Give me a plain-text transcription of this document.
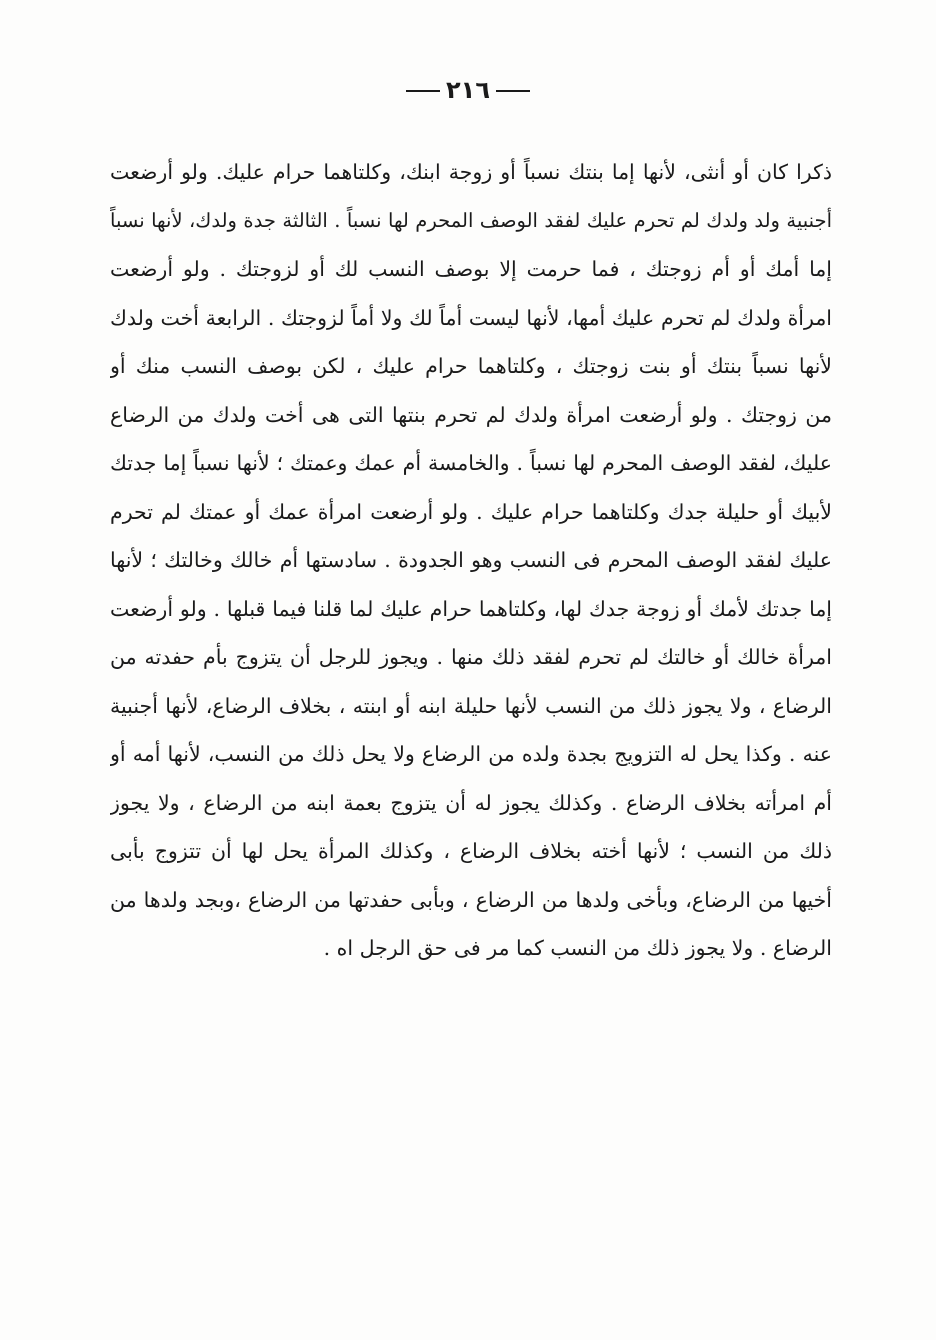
٢١٦
ذكرا كان أو أنثى، لأنها إما بنتك نسباً أو زوجة ابنك، وكلتاهما حرام عليك. ولو أرضعت
أجنبية ولد ولدك لم تحرم عليك لفقد الوصف المحرم لها نسباً . الثالثة جدة ولدك، لأنها نسباً
إما أمك أو أم زوجتك ، فما حرمت إلا بوصف النسب لك أو لزوجتك . ولو أرضعت
امرأة ولدك لم تحرم عليك أمها، لأنها ليست أماً لك ولا أماً لزوجتك . الرابعة أخت ولدك
لأنها نسباً بنتك أو بنت زوجتك ، وكلتاهما حرام عليك ، لكن بوصف النسب منك أو
من زوجتك . ولو أرضعت امرأة ولدك لم تحرم بنتها التى هى أخت ولدك من الرضاع
عليك، لفقد الوصف المحرم لها نسباً . والخامسة أم عمك وعمتك ؛ لأنها نسباً إما جدتك
لأبيك أو حليلة جدك وكلتاهما حرام عليك . ولو أرضعت امرأة عمك أو عمتك لم تحرم
عليك لفقد الوصف المحرم فى النسب وهو الجدودة . سادستها أم خالك وخالتك ؛ لأنها
إما جدتك لأمك أو زوجة جدك لها، وكلتاهما حرام عليك لما قلنا فيما قبلها . ولو أرضعت
امرأة خالك أو خالتك لم تحرم لفقد ذلك منها . ويجوز للرجل أن يتزوج بأم حفدته من
الرضاع ، ولا يجوز ذلك من النسب لأنها حليلة ابنه أو ابنته ، بخلاف الرضاع، لأنها أجنبية
عنه . وكذا يحل له التزويج بجدة ولده من الرضاع ولا يحل ذلك من النسب، لأنها أمه أو
أم امرأته بخلاف الرضاع . وكذلك يجوز له أن يتزوج بعمة ابنه من الرضاع ، ولا يجوز
ذلك من النسب ؛ لأنها أخته بخلاف الرضاع ، وكذلك المرأة يحل لها أن تتزوج بأبى
أخيها من الرضاع، وبأخى ولدها من الرضاع ، وبأبى حفدتها من الرضاع ،وبجد ولدها من
الرضاع . ولا يجوز ذلك من النسب كما مر فى حق الرجل اه .
